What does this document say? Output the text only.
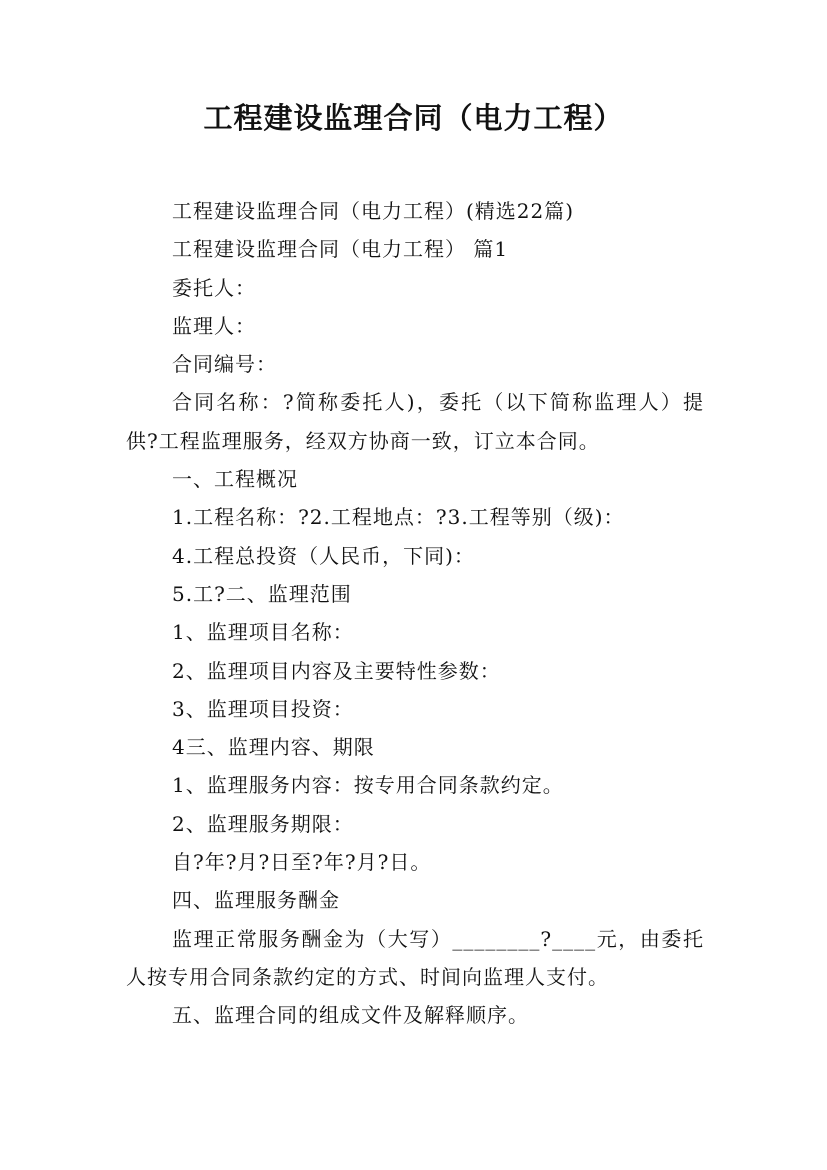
工程建设监理合同（电力工程）

工程建设监理合同（电力工程）(精选22篇)

工程建设监理合同（电力工程） 篇1

委托人：

监理人：

合同编号：

合同名称：?简称委托人)，委托（以下简称监理人）提供?工程监理服务，经双方协商一致，订立本合同。

一、工程概况

1.工程名称：?2.工程地点：?3.工程等别（级)：

4.工程总投资（人民币，下同)：

5.工?二、监理范围

1、监理项目名称：

2、监理项目内容及主要特性参数：

3、监理项目投资：

4三、监理内容、期限

1、监理服务内容：按专用合同条款约定。

2、监理服务期限：

自?年?月?日至?年?月?日。

四、监理服务酬金

监理正常服务酬金为（大写）________?____元，由委托人按专用合同条款约定的方式、时间向监理人支付。

五、监理合同的组成文件及解释顺序。
